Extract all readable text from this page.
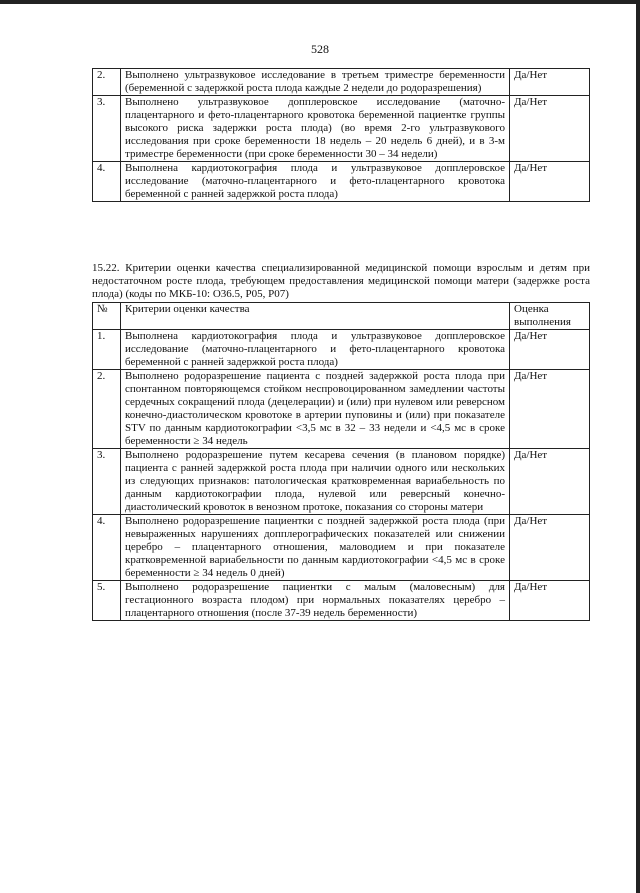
528
2.	Выполнено ультразвуковое исследование в третьем триместре беременности (беременной с задержкой роста плода каждые 2 недели до родоразрешения)	Да/Нет
3.	Выполнено ультразвуковое допплеровское исследование (маточно-плацентарного и фето-плацентарного кровотока беременной пациентке группы высокого риска задержки роста плода) (во время 2-го ультразвукового исследования при сроке беременности 18 недель – 20 недель 6 дней), и в 3-м триместре беременности (при сроке беременности 30 – 34 недели)	Да/Нет
4.	Выполнена кардиотокография плода и ультразвуковое допплеровское исследование (маточно-плацентарного и фето-плацентарного кровотока беременной с ранней задержкой роста плода)	Да/Нет
15.22. Критерии оценки качества специализированной медицинской помощи взрослым и детям при недостаточном росте плода, требующем предоставления медицинской помощи матери (задержке роста плода) (коды по МКБ-10: O36.5, P05, P07)
№	Критерии оценки качества	Оценка выполнения
1.	Выполнена кардиотокография плода и ультразвуковое допплеровское исследование (маточно-плацентарного и фето-плацентарного кровотока беременной с ранней задержкой роста плода)	Да/Нет
2.	Выполнено родоразрешение пациента с поздней задержкой роста плода при спонтанном повторяющемся стойком неспровоцированном замедлении частоты сердечных сокращений плода (децелерации) и (или) при нулевом или реверсном конечно-диастолическом кровотоке в артерии пуповины и (или) при показателе STV по данным кардиотокографии <3,5 мс в 32 – 33 недели и <4,5 мс в сроке беременности ≥ 34 недель	Да/Нет
3.	Выполнено родоразрешение путем кесарева сечения (в плановом порядке) пациента с ранней задержкой роста плода при наличии одного или нескольких из следующих признаков: патологическая кратковременная вариабельность по данным кардиотокографии плода, нулевой или реверсный конечно-диастолический кровоток в венозном протоке, показания со стороны матери	Да/Нет
4.	Выполнено родоразрешение пациентки с поздней задержкой роста плода (при невыраженных нарушениях допплерографических показателей или снижении церебро – плацентарного отношения, маловодием и при показателе кратковременной вариабельности по данным кардиотокографии <4,5 мс в сроке беременности ≥ 34 недель 0 дней)	Да/Нет
5.	Выполнено родоразрешение пациентки с малым (маловесным) для гестационного возраста плодом) при нормальных показателях церебро – плацентарного отношения (после 37-39 недель беременности)	Да/Нет
